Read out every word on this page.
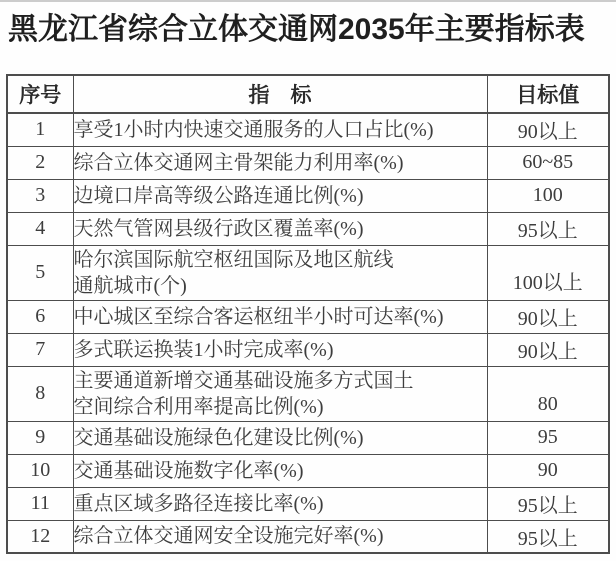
黑龙江省综合立体交通网2035年主要指标表
序号	指　标	目标值
1	享受1小时内快速交通服务的人口占比(%)	90以上
2	综合立体交通网主骨架能力利用率(%)	60~85
3	边境口岸高等级公路连通比例(%)	100
4	天然气管网县级行政区覆盖率(%)	95以上
5	哈尔滨国际航空枢纽国际及地区航线
通航城市(个)	100以上
6	中心城区至综合客运枢纽半小时可达率(%)	90以上
7	多式联运换装1小时完成率(%)	90以上
8	主要通道新增交通基础设施多方式国土
空间综合利用率提高比例(%)	80
9	交通基础设施绿色化建设比例(%)	95
10	交通基础设施数字化率(%)	90
11	重点区域多路径连接比率(%)	95以上
12	综合立体交通网安全设施完好率(%)	95以上
